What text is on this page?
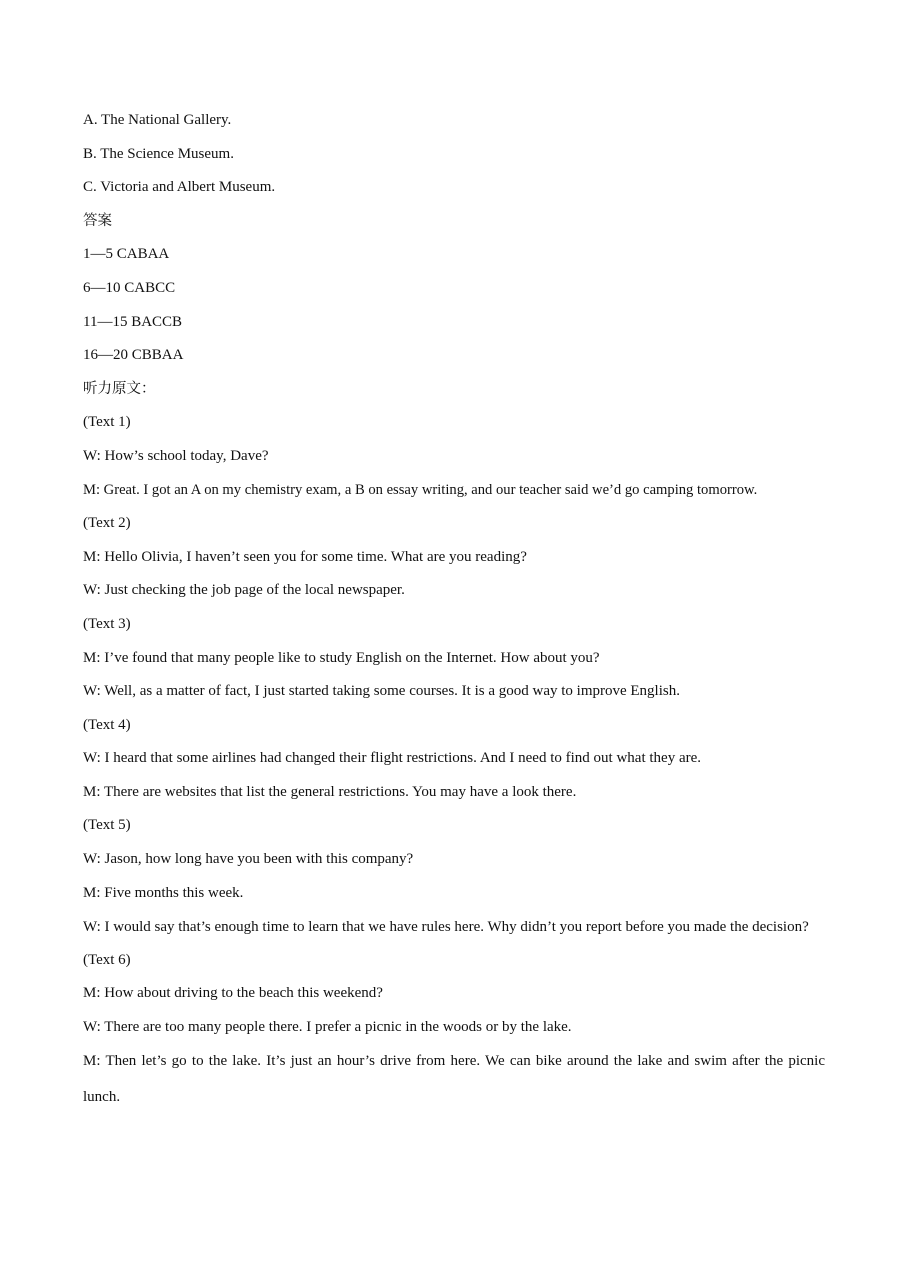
A. The National Gallery.

B. The Science Museum.

C. Victoria and Albert Museum.

答案

1—5 CABAA

6—10 CABCC

11—15 BACCB

16—20 CBBAA

听力原文：

(Text 1)

W: How’s school today, Dave?

M: Great. I got an A on my chemistry exam, a B on essay writing, and our teacher said we’d go camping tomorrow.

(Text 2)

M: Hello Olivia, I haven’t seen you for some time. What are you reading?

W: Just checking the job page of the local newspaper.

(Text 3)

M: I’ve found that many people like to study English on the Internet. How about you?

W: Well, as a matter of fact, I just started taking some courses. It is a good way to improve English.

(Text 4)

W: I heard that some airlines had changed their flight restrictions. And I need to find out what they are.

M: There are websites that list the general restrictions. You may have a look there.

(Text 5)

W: Jason, how long have you been with this company?

M: Five months this week.

W: I would say that’s enough time to learn that we have rules here. Why didn’t you report before you made the decision?

(Text 6)

M: How about driving to the beach this weekend?

W: There are too many people there. I prefer a picnic in the woods or by the lake.

M: Then let’s go to the lake. It’s just an hour’s drive from here. We can bike around the lake and swim after the picnic lunch.
